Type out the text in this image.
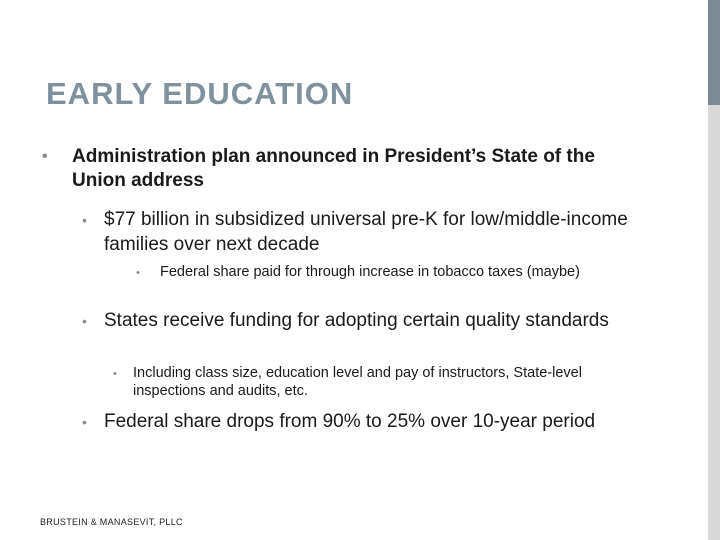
EARLY EDUCATION
•	Administration plan announced in President’s State of the Union address
• $77 billion in subsidized universal pre-K for low/middle-income families over next decade
•	Federal share paid for through increase in tobacco taxes (maybe)
• States receive funding for adopting certain quality standards
•	Including class size, education level and pay of instructors, State-level inspections and audits, etc.
• Federal share drops from 90% to 25% over 10-year period
BRUSTEIN & MANASEVIT, PLLC
